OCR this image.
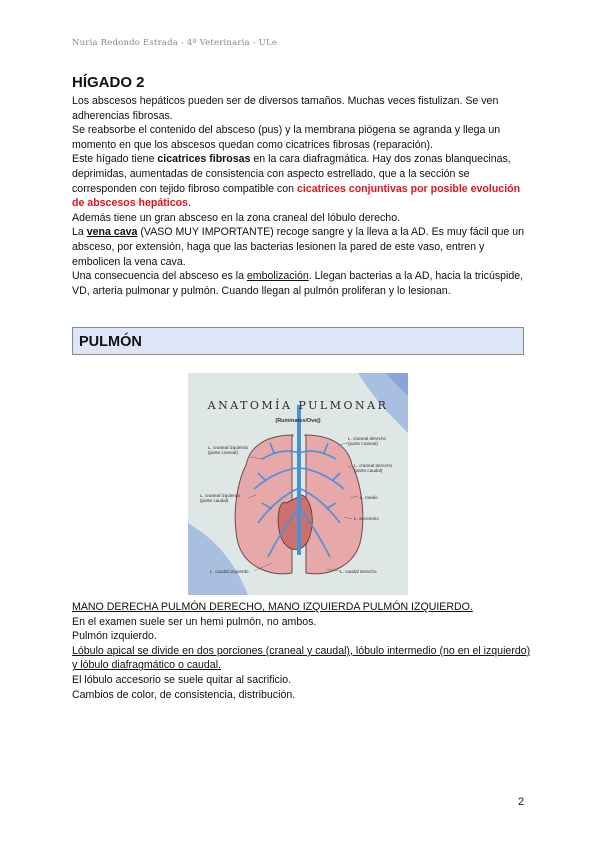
Nuria Redondo Estrada - 4º Veterinaria - ULe
HÍGADO 2

Los abscesos hepáticos pueden ser de diversos tamaños. Muchas veces fistulizan. Se ven adherencias fibrosas.

Se reabsorbe el contenido del absceso (pus) y la membrana piógena se agranda y llega un momento en que los abscesos quedan como cicatrices fibrosas (reparación).

Este hígado tiene cicatrices fibrosas en la cara diafragmática. Hay dos zonas blanquecinas, deprimidas, aumentadas de consistencia con aspecto estrellado, que a la sección se corresponden con tejido fibroso compatible con cicatrices conjuntivas por posible evolución de abscesos hepáticos.

Además tiene un gran absceso en la zona craneal del lóbulo derecho.

La vena cava (VASO MUY IMPORTANTE) recoge sangre y la lleva a la AD. Es muy fácil que un absceso, por extensión, haga que las bacterias lesionen la pared de este vaso, entren y embolicen la vena cava.

Una consecuencia del absceso es la embolización. Llegan bacterias a la AD, hacia la tricúspide, VD, arteria pulmonar y pulmón. Cuando llegan al pulmón proliferan y lo lesionan.

PULMÓN
ANATOMÍA PULMONAR
(Ruminates/Ovej)
L. craneal izquierdo (parte craneal)
L. craneal izquierdo (parte caudal)
L. craneal derecho (parte craneal)
L. craneal derecho (parte caudal)
L. medio
L. accesorio
L. caudal izquierdo	L. caudal derecho

MANO DERECHA PULMÓN DERECHO, MANO IZQUIERDA PULMÓN IZQUIERDO.

En el examen suele ser un hemi pulmón, no ambos.

Pulmón izquierdo.

Lóbulo apical se divide en dos porciones (craneal y caudal), lóbulo intermedio (no en el izquierdo) y lóbulo diafragmático o caudal.

El lóbulo accesorio se suele quitar al sacrificio.

Cambios de color, de consistencia, distribución.

2
